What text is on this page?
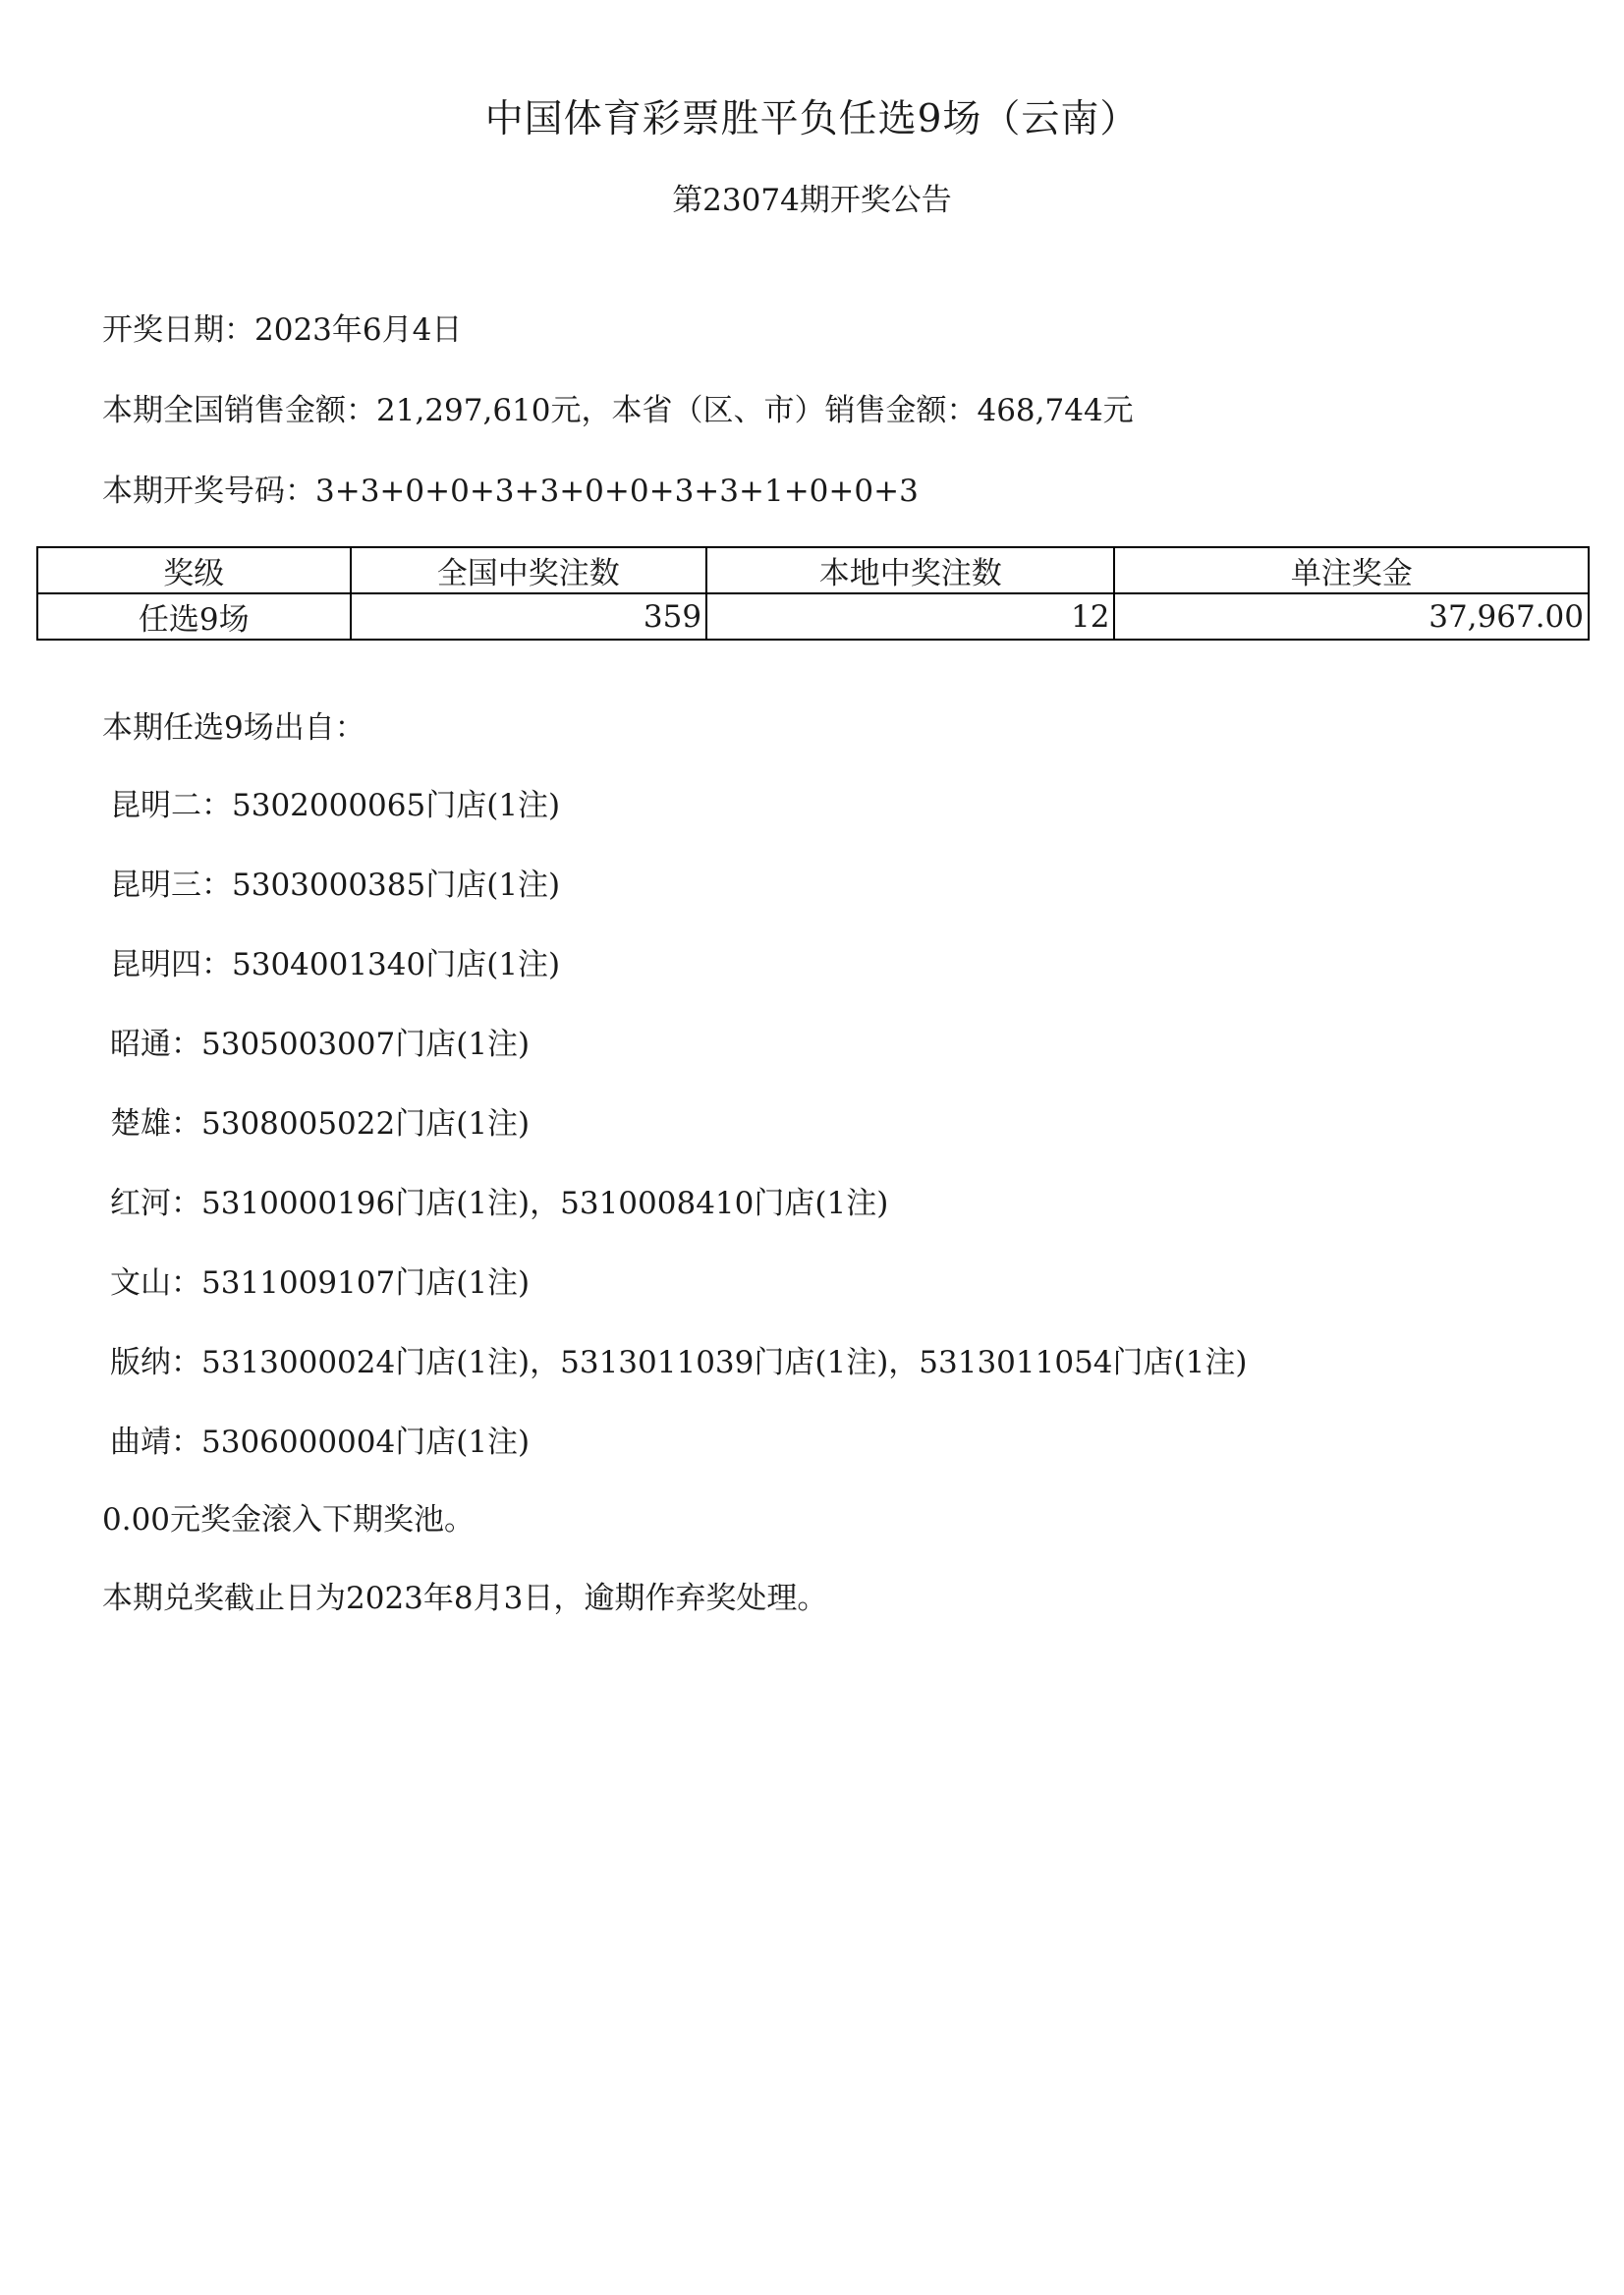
中国体育彩票胜平负任选9场（云南）
第23074期开奖公告
开奖日期：2023年6月4日
本期全国销售金额：21,297,610元，本省（区、市）销售金额：468,744元
本期开奖号码：3+3+0+0+3+3+0+0+3+3+1+0+0+3
奖级	全国中奖注数	本地中奖注数	单注奖金
任选9场	359	12	37,967.00
本期任选9场出自：
昆明二：5302000065门店(1注)
昆明三：5303000385门店(1注)
昆明四：5304001340门店(1注)
昭通：5305003007门店(1注)
楚雄：5308005022门店(1注)
红河：5310000196门店(1注)，5310008410门店(1注)
文山：5311009107门店(1注)
版纳：5313000024门店(1注)，5313011039门店(1注)，5313011054门店(1注)
曲靖：5306000004门店(1注)
0.00元奖金滚入下期奖池。
本期兑奖截止日为2023年8月3日，逾期作弃奖处理。
